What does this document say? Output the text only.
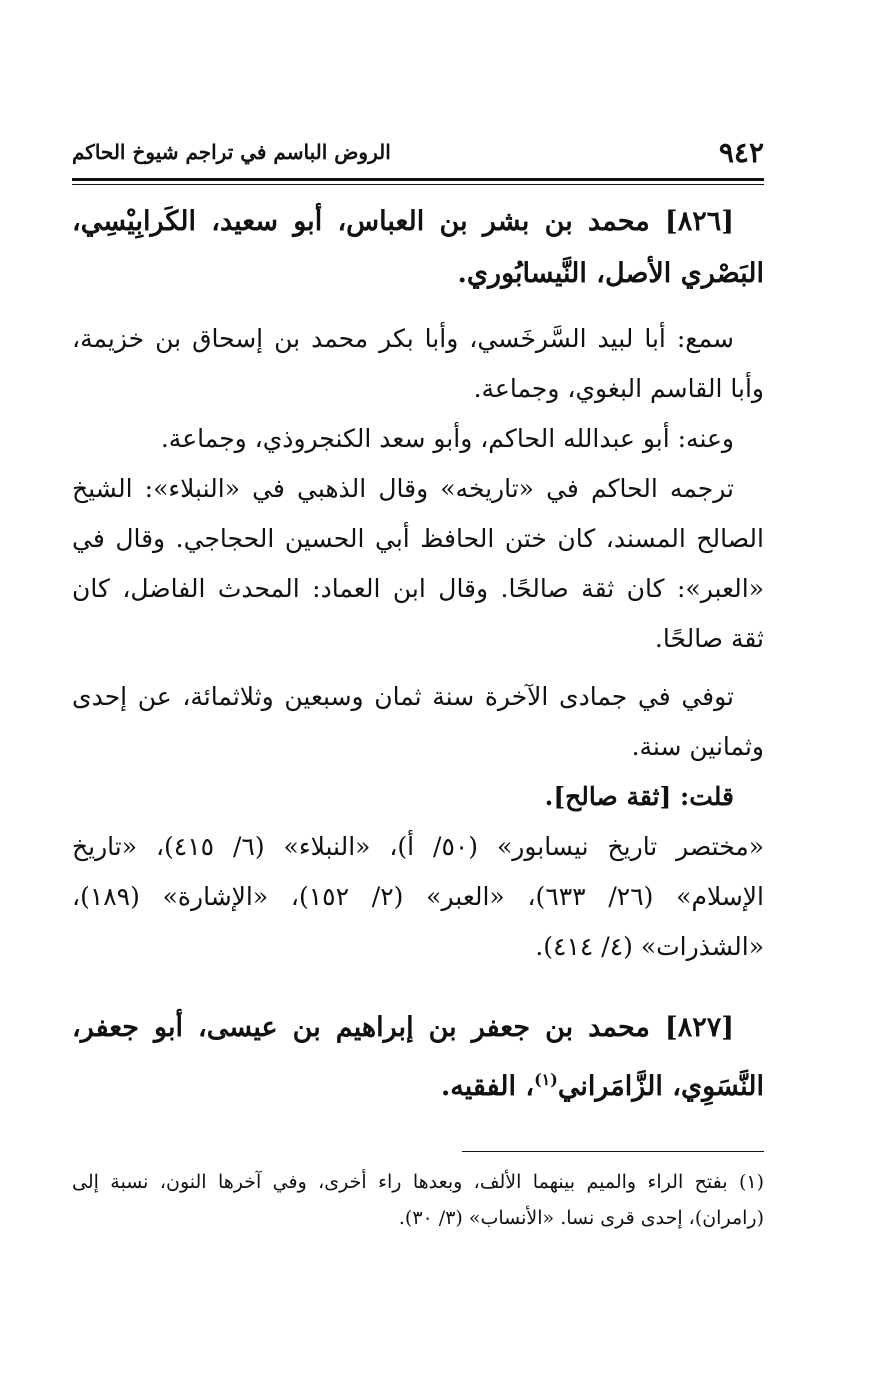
٩٤٢
الروض الباسم في تراجم شيوخ الحاكم

[٨٢٦] محمد بن بشر بن العباس، أبو سعيد، الكَرابِيْسِي، البَصْري الأصل، النَّيسابُوري.

سمع: أبا لبيد السَّرخَسي، وأبا بكر محمد بن إسحاق بن خزيمة، وأبا القاسم البغوي، وجماعة.

وعنه: أبو عبدالله الحاكم، وأبو سعد الكنجروذي، وجماعة.

ترجمه الحاكم في «تاريخه» وقال الذهبي في «النبلاء»: الشيخ الصالح المسند، كان ختن الحافظ أبي الحسين الحجاجي. وقال في «العبر»: كان ثقة صالحًا. وقال ابن العماد: المحدث الفاضل، كان ثقة صالحًا.

توفي في جمادى الآخرة سنة ثمان وسبعين وثلاثمائة، عن إحدى وثمانين سنة.

قلت: [ثقة صالح].

«مختصر تاريخ نيسابور» (٥٠/ أ)، «النبلاء» (٦/ ٤١٥)، «تاريخ الإسلام» (٢٦/ ٦٣٣)، «العبر» (٢/ ١٥٢)، «الإشارة» (١٨٩)، «الشذرات» (٤/ ٤١٤).

[٨٢٧] محمد بن جعفر بن إبراهيم بن عيسى، أبو جعفر، النَّسَوِي، الزَّامَراني$^{(١)}$، الفقيه.

(١) بفتح الراء والميم بينهما الألف، وبعدها راء أخرى، وفي آخرها النون، نسبة إلى (رامران)، إحدى قرى نسا. «الأنساب» (٣/ ٣٠).
